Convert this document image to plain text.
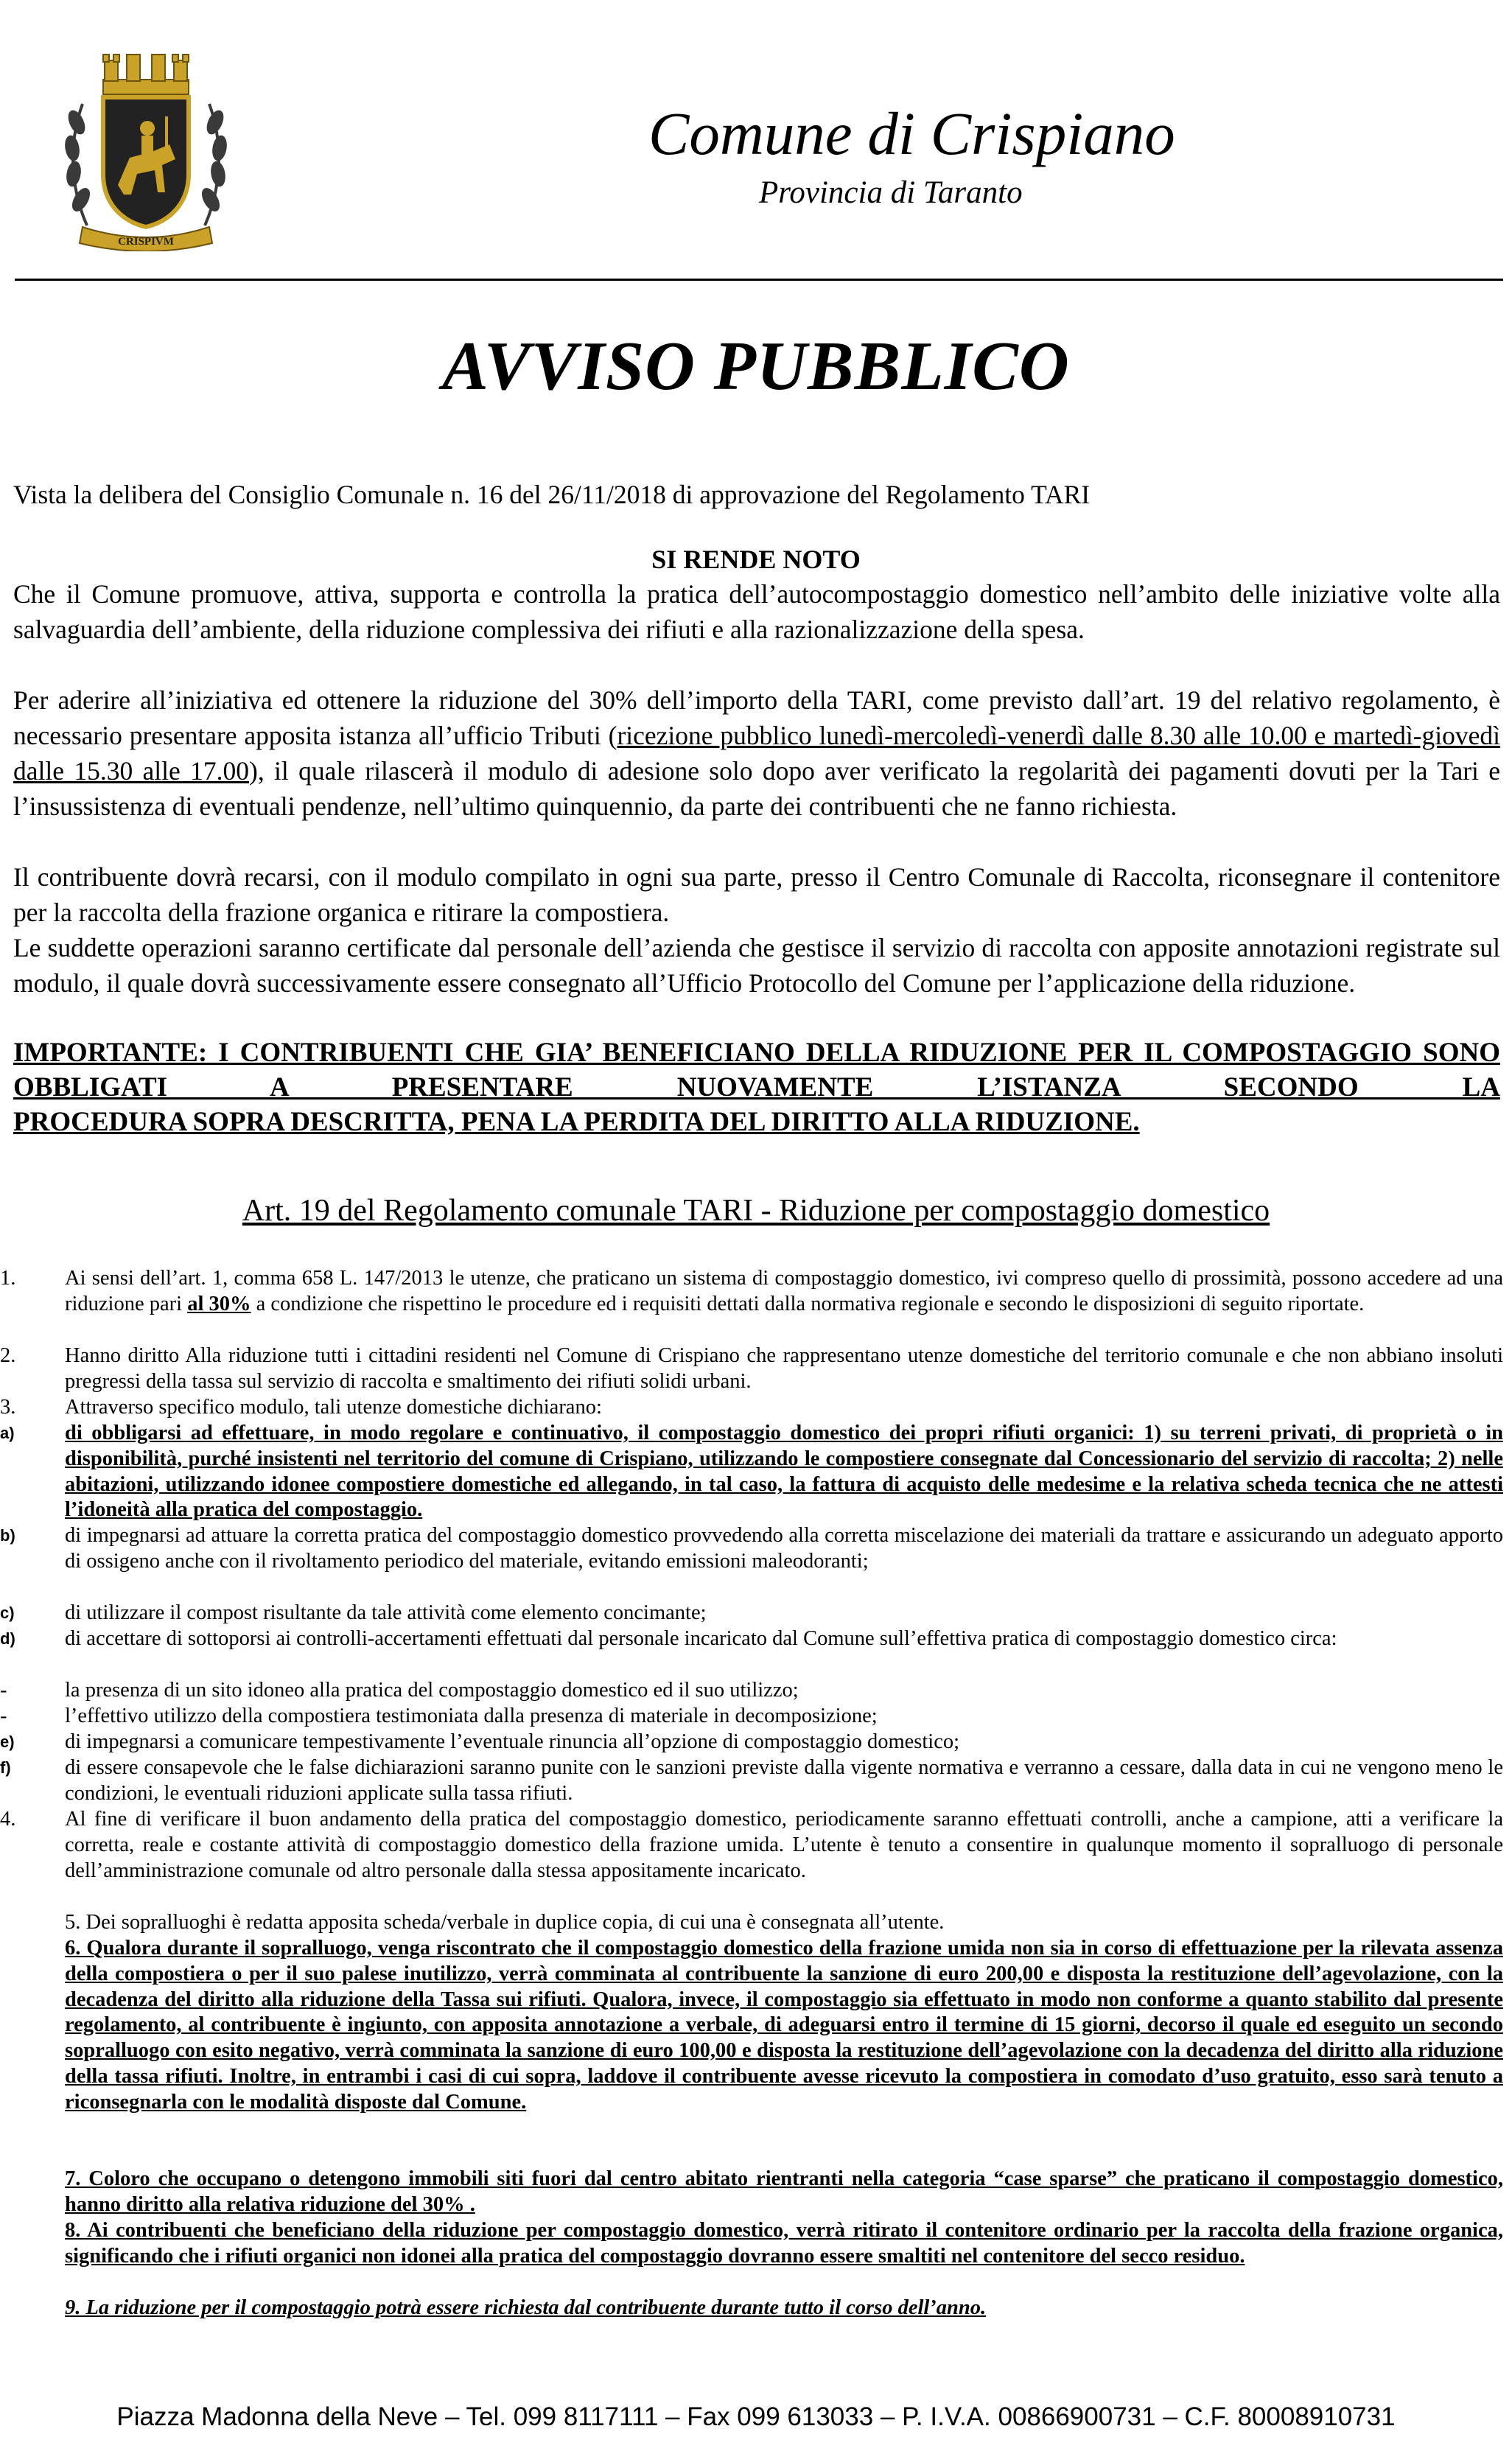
CRISPIVM
Comune di Crispiano
Provincia di Taranto
AVVISO PUBBLICO

Vista la delibera del Consiglio Comunale n. 16 del 26/11/2018 di approvazione del Regolamento TARI

SI RENDE NOTO

Che il Comune promuove, attiva, supporta e controlla la pratica dell’autocompostaggio domestico nell’ambito delle iniziative volte alla salvaguardia dell’ambiente, della riduzione complessiva dei rifiuti e alla razionalizzazione della spesa.

Per aderire all’iniziativa ed ottenere la riduzione del 30% dell’importo della TARI, come previsto dall’art. 19 del relativo regolamento, è necessario presentare apposita istanza all’ufficio Tributi (ricezione pubblico lunedì-mercoledì-venerdì dalle 8.30 alle 10.00 e martedì-giovedì dalle 15.30 alle 17.00), il quale rilascerà il modulo di adesione solo dopo aver verificato la regolarità dei pagamenti dovuti per la Tari e l’insussistenza di eventuali pendenze, nell’ultimo quinquennio, da parte dei contribuenti che ne fanno richiesta.

Il contribuente dovrà recarsi, con il modulo compilato in ogni sua parte, presso il Centro Comunale di Raccolta, riconsegnare il contenitore per la raccolta della frazione organica e ritirare la compostiera.

Le suddette operazioni saranno certificate dal personale dell’azienda che gestisce il servizio di raccolta con apposite annotazioni registrate sul modulo, il quale dovrà successivamente essere consegnato all’Ufficio Protocollo del Comune per l’applicazione della riduzione.

IMPORTANTE: I CONTRIBUENTI CHE GIA’ BENEFICIANO DELLA RIDUZIONE PER IL COMPOSTAGGIO SONO OBBLIGATI A PRESENTARE NUOVAMENTE L’ISTANZA SECONDO LA
PROCEDURA SOPRA DESCRITTA, PENA LA PERDITA DEL DIRITTO ALLA RIDUZIONE.

Art. 19 del Regolamento comunale TARI - Riduzione per compostaggio domestico

1.	Ai sensi dell’art. 1, comma 658 L. 147/2013 le utenze, che praticano un sistema di compostaggio domestico, ivi compreso quello di prossimità, possono accedere ad una riduzione pari al 30% a condizione che rispettino le procedure ed i requisiti dettati dalla normativa regionale e secondo le disposizioni di seguito riportate.

2.	Hanno diritto Alla riduzione tutti i cittadini residenti nel Comune di Crispiano che rappresentano utenze domestiche del territorio comunale e che non abbiano insoluti pregressi della tassa sul servizio di raccolta e smaltimento dei rifiuti solidi urbani.

3.	Attraverso specifico modulo, tali utenze domestiche dichiarano:

a)	di obbligarsi ad effettuare, in modo regolare e continuativo, il compostaggio domestico dei propri rifiuti organici: 1) su terreni privati, di proprietà o in disponibilità, purché insistenti nel territorio del comune di Crispiano, utilizzando le compostiere consegnate dal Concessionario del servizio di raccolta; 2) nelle abitazioni, utilizzando idonee compostiere domestiche ed allegando, in tal caso, la fattura di acquisto delle medesime e la relativa scheda tecnica che ne attesti l’idoneità alla pratica del compostaggio.

b)	di impegnarsi ad attuare la corretta pratica del compostaggio domestico provvedendo alla corretta miscelazione dei materiali da trattare e assicurando un adeguato apporto di ossigeno anche con il rivoltamento periodico del materiale, evitando emissioni maleodoranti;

c)	di utilizzare il compost risultante da tale attività come elemento concimante;

d)	di accettare di sottoporsi ai controlli-accertamenti effettuati dal personale incaricato dal Comune sull’effettiva pratica di compostaggio domestico circa:

-	la presenza di un sito idoneo alla pratica del compostaggio domestico ed il suo utilizzo;

-	l’effettivo utilizzo della compostiera testimoniata dalla presenza di materiale in decomposizione;

e)	di impegnarsi a comunicare tempestivamente l’eventuale rinuncia all’opzione di compostaggio domestico;

f)	di essere consapevole che le false dichiarazioni saranno punite con le sanzioni previste dalla vigente normativa e verranno a cessare, dalla data in cui ne vengono meno le condizioni, le eventuali riduzioni applicate sulla tassa rifiuti.

4.	Al fine di verificare il buon andamento della pratica del compostaggio domestico, periodicamente saranno effettuati controlli, anche a campione, atti a verificare la corretta, reale e costante attività di compostaggio domestico della frazione umida. L’utente è tenuto a consentire in qualunque momento il sopralluogo di personale dell’amministrazione comunale od altro personale dalla stessa appositamente incaricato.

5. Dei sopralluoghi è redatta apposita scheda/verbale in duplice copia, di cui una è consegnata all’utente.

6. Qualora durante il sopralluogo, venga riscontrato che il compostaggio domestico della frazione umida non sia in corso di effettuazione per la rilevata assenza della compostiera o per il suo palese inutilizzo, verrà comminata al contribuente la sanzione di euro 200,00 e disposta la restituzione dell’agevolazione, con la decadenza del diritto alla riduzione della Tassa sui rifiuti. Qualora, invece, il compostaggio sia effettuato in modo non conforme a quanto stabilito dal presente regolamento, al contribuente è ingiunto, con apposita annotazione a verbale, di adeguarsi entro il termine di 15 giorni, decorso il quale ed eseguito un secondo sopralluogo con esito negativo, verrà comminata la sanzione di euro 100,00 e disposta la restituzione dell’agevolazione con la decadenza del diritto alla riduzione della tassa rifiuti. Inoltre, in entrambi i casi di cui sopra, laddove il contribuente avesse ricevuto la compostiera in comodato d’uso gratuito, esso sarà tenuto a riconsegnarla con le modalità disposte dal Comune.

7. Coloro che occupano o detengono immobili siti fuori dal centro abitato rientranti nella categoria “case sparse” che praticano il compostaggio domestico, hanno diritto alla relativa riduzione del 30% .

8. Ai contribuenti che beneficiano della riduzione per compostaggio domestico, verrà ritirato il contenitore ordinario per la raccolta della frazione organica, significando che i rifiuti organici non idonei alla pratica del compostaggio dovranno essere smaltiti nel contenitore del secco residuo.

9. La riduzione per il compostaggio potrà essere richiesta dal contribuente durante tutto il corso dell’anno.

Piazza Madonna della Neve – Tel. 099 8117111 – Fax 099 613033 – P. I.V.A. 00866900731 – C.F. 80008910731
